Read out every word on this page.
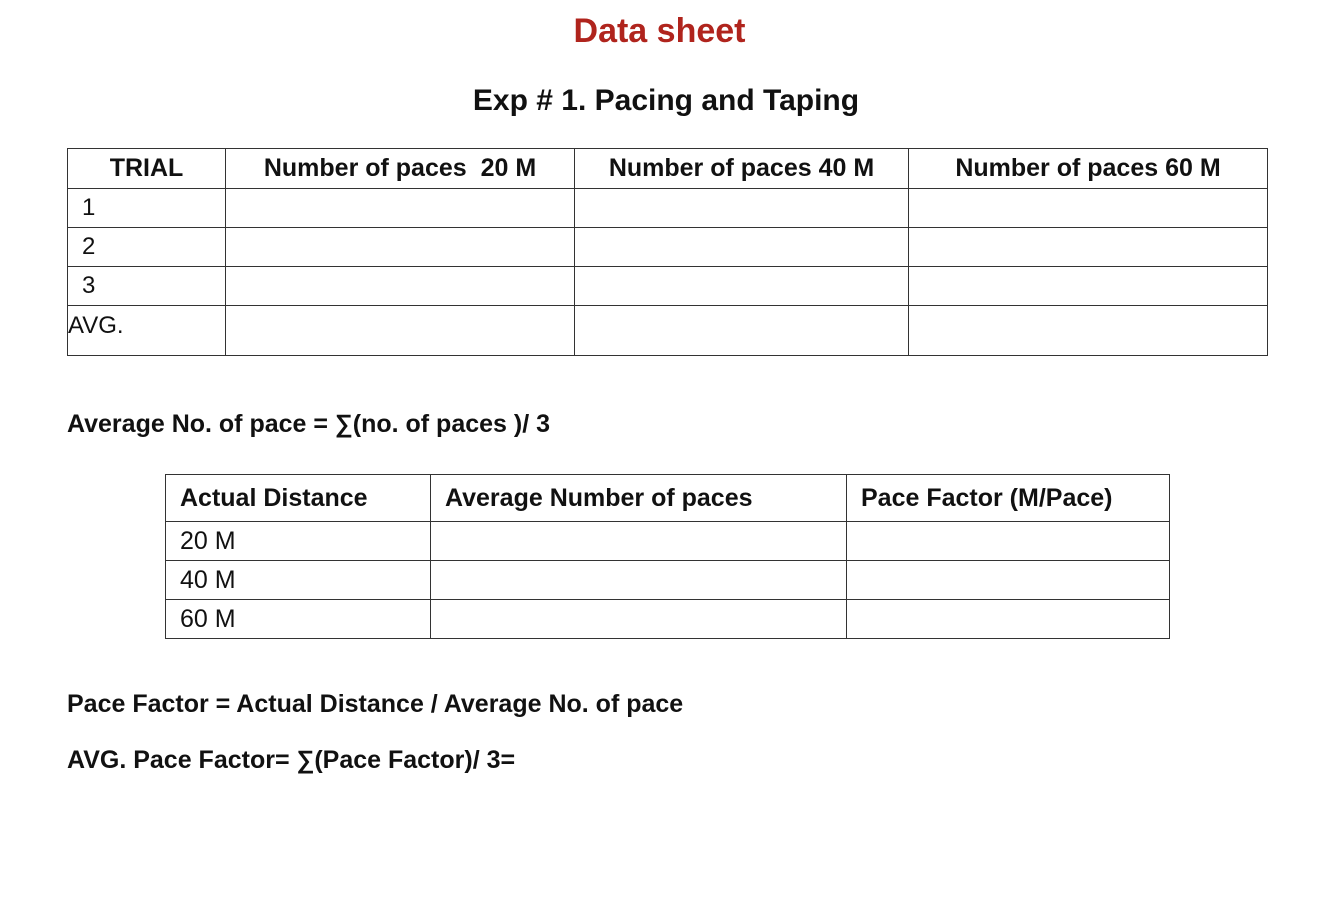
Data sheet
Exp # 1. Pacing and Taping
TRIAL	Number of paces  20 M	Number of paces 40 M	Number of paces 60 M
1			
2			
3			
AVG.			
Average No. of pace = ∑(no. of paces )/ 3
Actual Distance	Average Number of paces	Pace Factor (M/Pace)
20 M		
40 M		
60 M		
Pace Factor = Actual Distance / Average No. of pace
AVG. Pace Factor= ∑(Pace Factor)/ 3=
